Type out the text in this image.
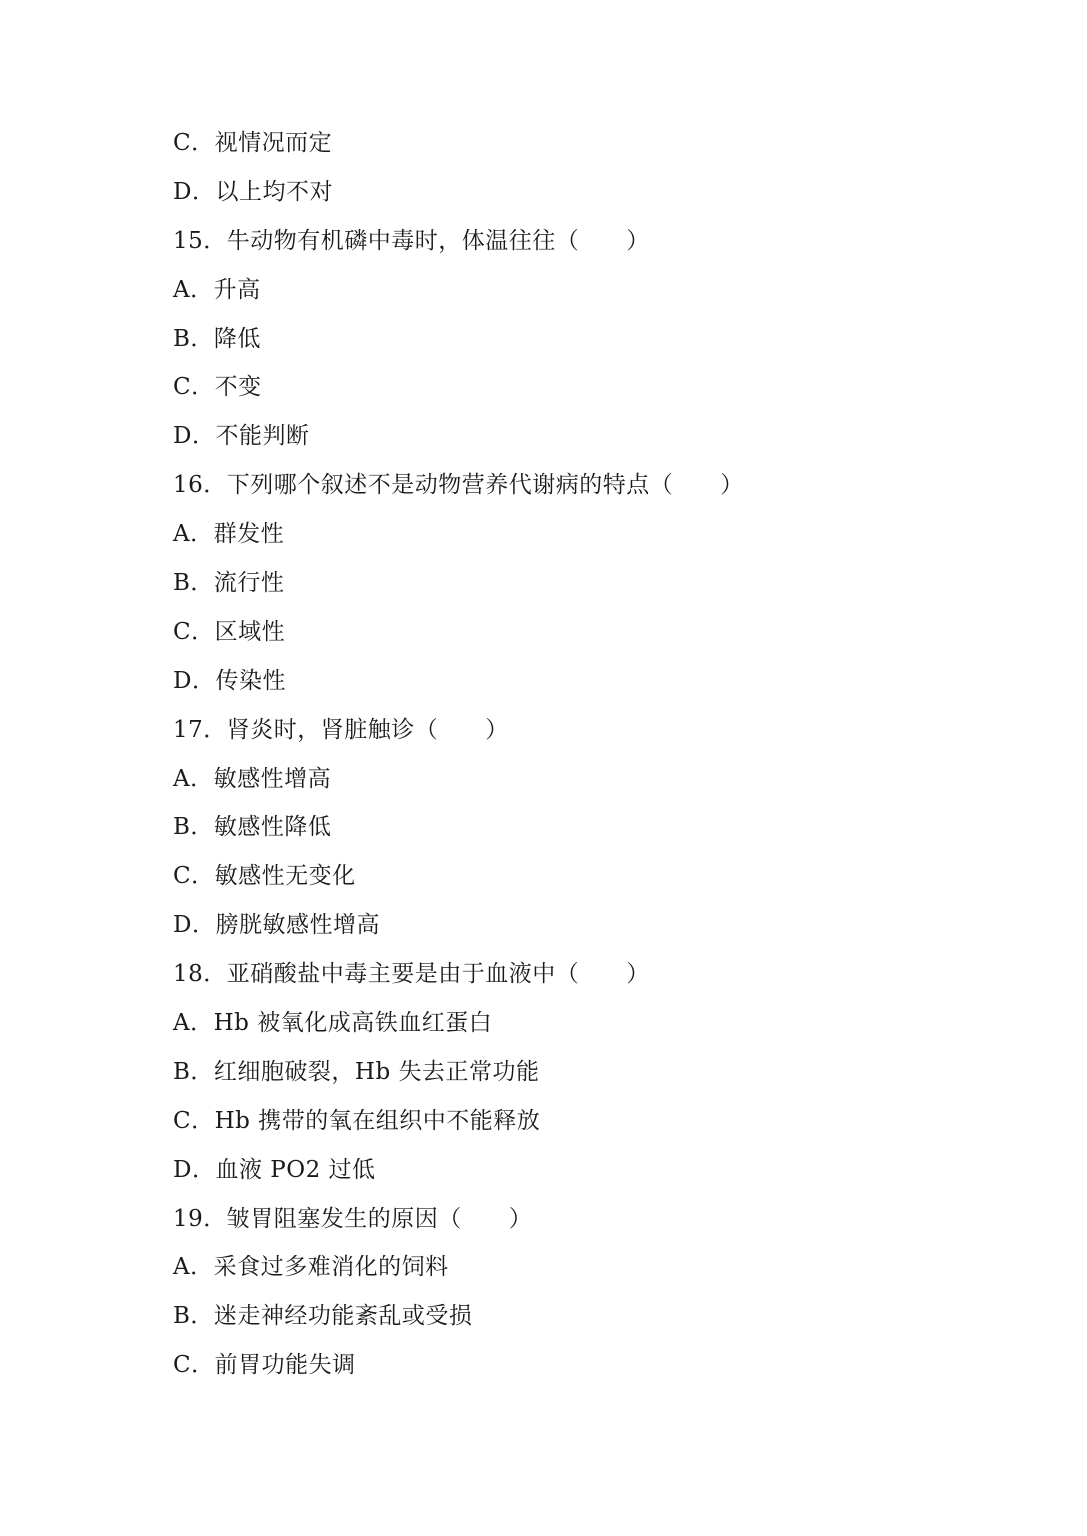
C．视情况而定
D．以上均不对
15．牛动物有机磷中毒时，体温往往（　　）
A．升高
B．降低
C．不变
D．不能判断
16．下列哪个叙述不是动物营养代谢病的特点（　　）
A．群发性
B．流行性
C．区域性
D．传染性
17．肾炎时，肾脏触诊（　　）
A．敏感性增高
B．敏感性降低
C．敏感性无变化
D．膀胱敏感性增高
18．亚硝酸盐中毒主要是由于血液中（　　）
A．Hb 被氧化成高铁血红蛋白
B．红细胞破裂，Hb 失去正常功能
C．Hb 携带的氧在组织中不能释放
D．血液 PO2 过低
19．皱胃阻塞发生的原因（　　）
A．采食过多难消化的饲料
B．迷走神经功能紊乱或受损
C．前胃功能失调
